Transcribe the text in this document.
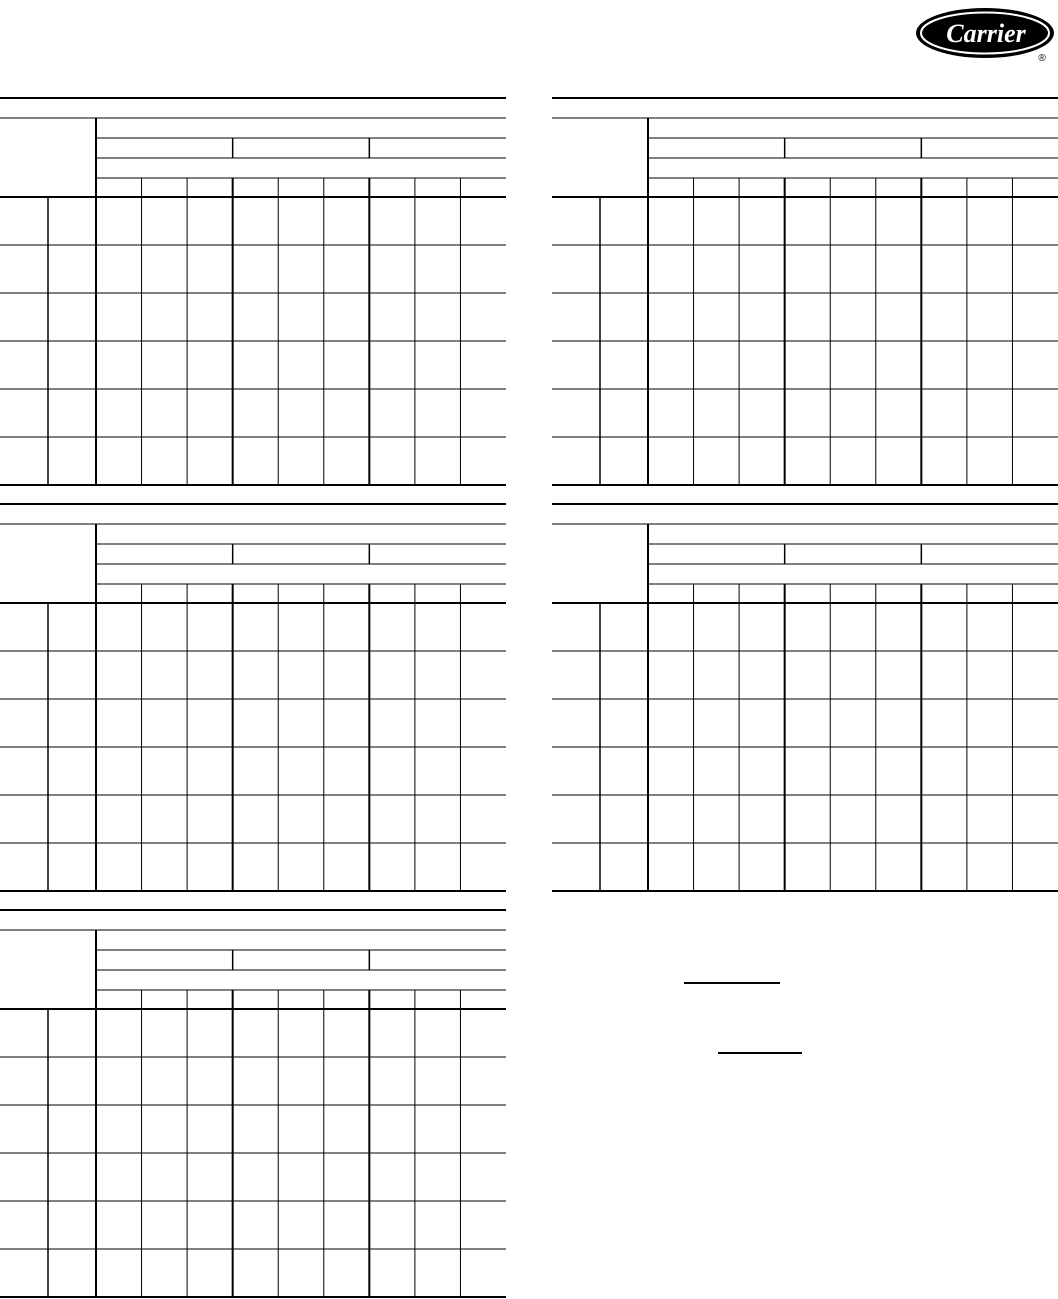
Carrier
®
